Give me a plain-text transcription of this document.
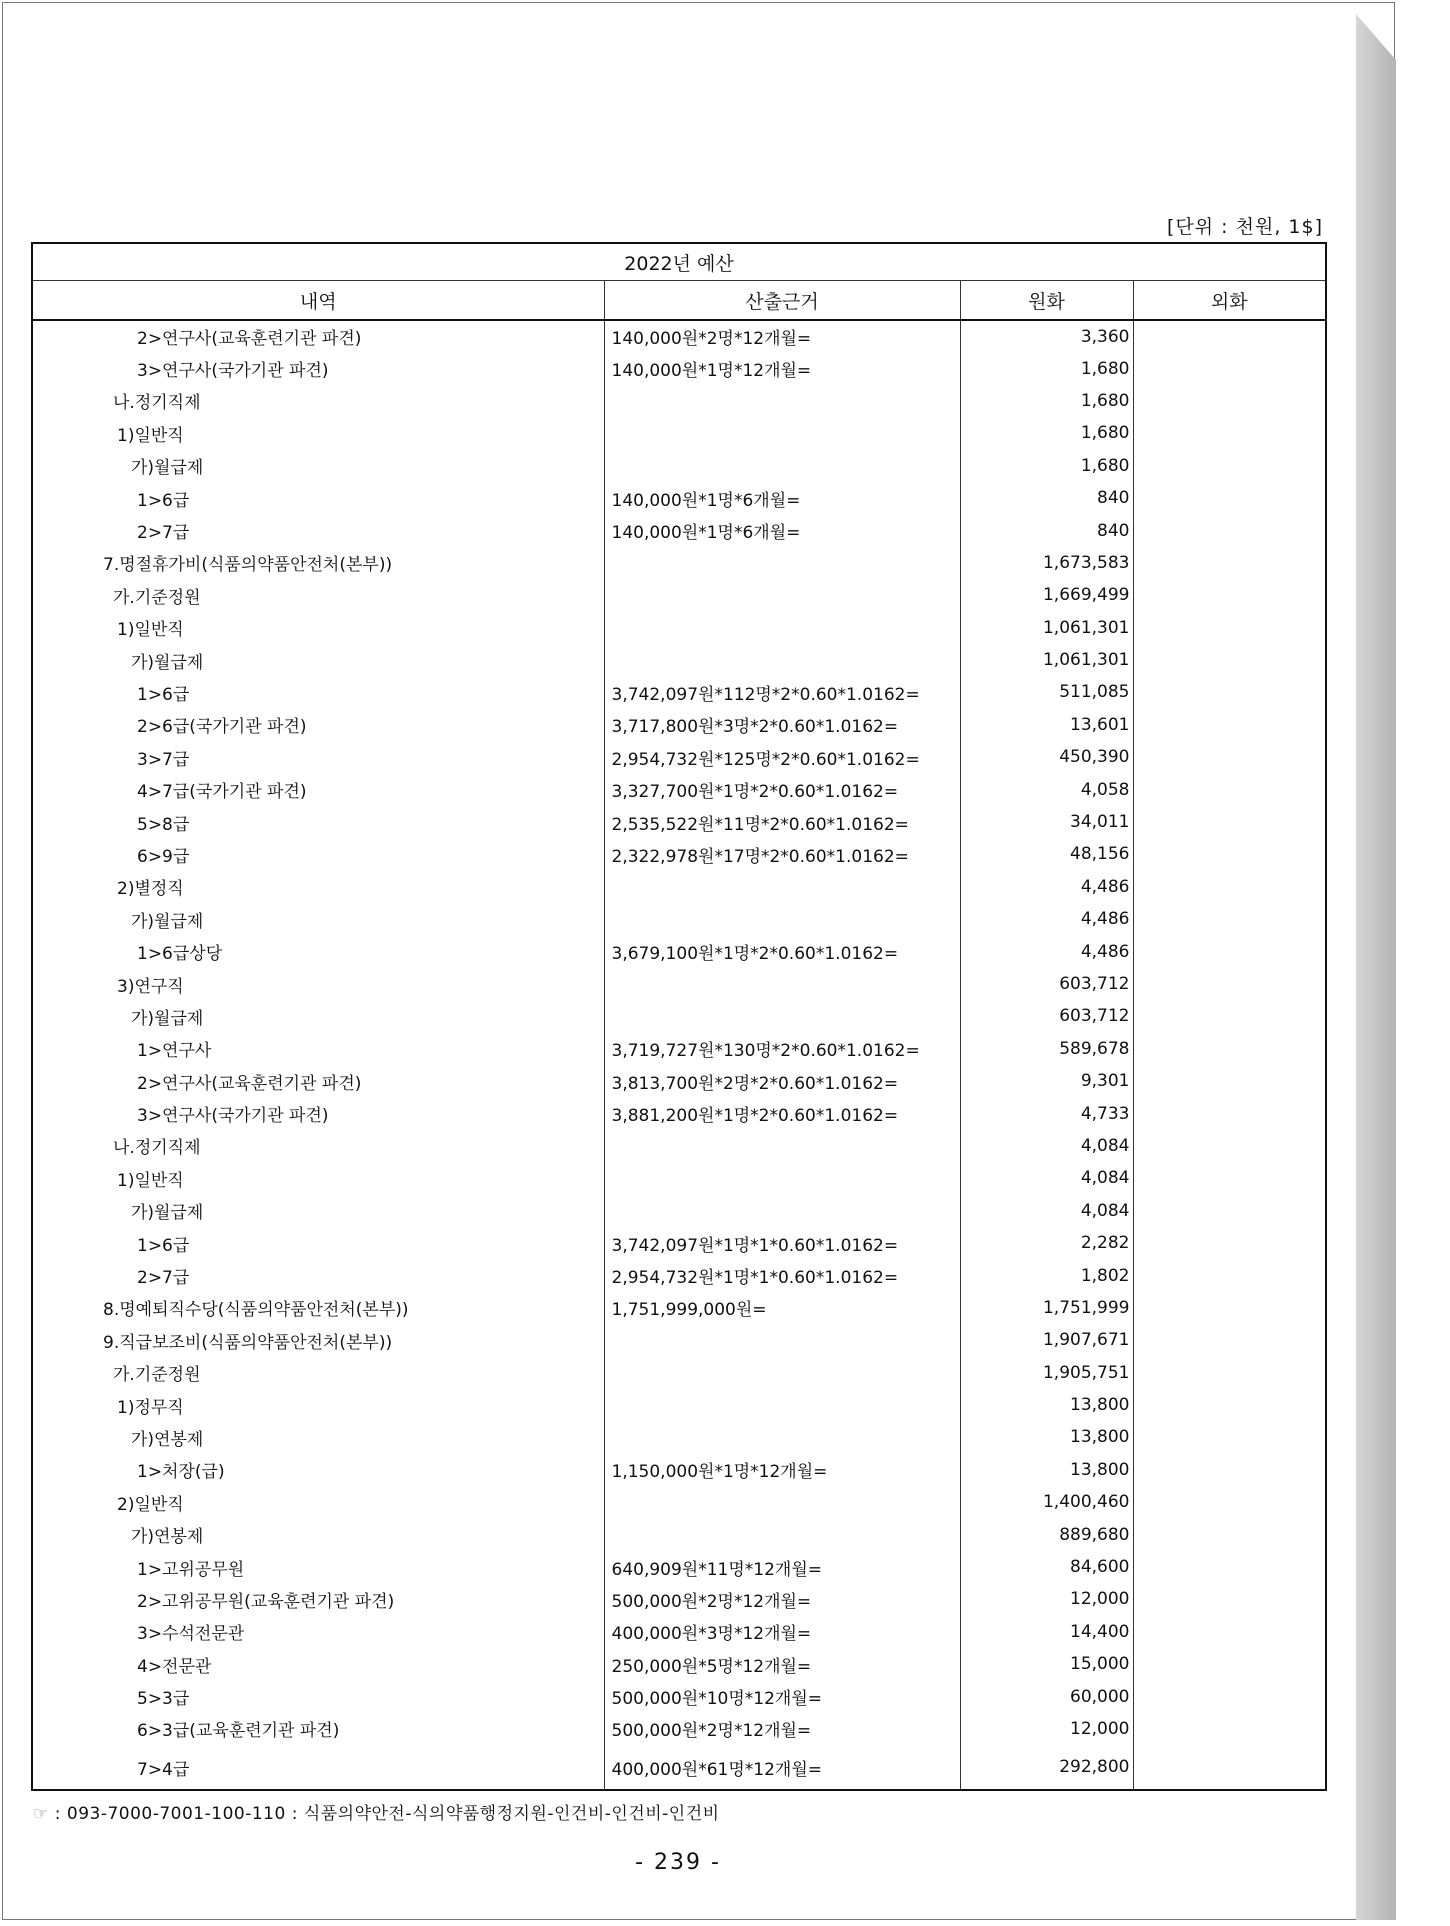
[단위 : 천원, 1$]
2022년 예산			
내역	산출근거	원화	외화
2>연구사(교육훈련기관 파견)	140,000원*2명*12개월=	3,360	
3>연구사(국가기관 파견)	140,000원*1명*12개월=	1,680	
나.정기직제		1,680	
1)일반직		1,680	
가)월급제		1,680	
1>6급	140,000원*1명*6개월=	840	
2>7급	140,000원*1명*6개월=	840	
7.명절휴가비(식품의약품안전처(본부))		1,673,583	
가.기준정원		1,669,499	
1)일반직		1,061,301	
가)월급제		1,061,301	
1>6급	3,742,097원*112명*2*0.60*1.0162=	511,085	
2>6급(국가기관 파견)	3,717,800원*3명*2*0.60*1.0162=	13,601	
3>7급	2,954,732원*125명*2*0.60*1.0162=	450,390	
4>7급(국가기관 파견)	3,327,700원*1명*2*0.60*1.0162=	4,058	
5>8급	2,535,522원*11명*2*0.60*1.0162=	34,011	
6>9급	2,322,978원*17명*2*0.60*1.0162=	48,156	
2)별정직		4,486	
가)월급제		4,486	
1>6급상당	3,679,100원*1명*2*0.60*1.0162=	4,486	
3)연구직		603,712	
가)월급제		603,712	
1>연구사	3,719,727원*130명*2*0.60*1.0162=	589,678	
2>연구사(교육훈련기관 파견)	3,813,700원*2명*2*0.60*1.0162=	9,301	
3>연구사(국가기관 파견)	3,881,200원*1명*2*0.60*1.0162=	4,733	
나.정기직제		4,084	
1)일반직		4,084	
가)월급제		4,084	
1>6급	3,742,097원*1명*1*0.60*1.0162=	2,282	
2>7급	2,954,732원*1명*1*0.60*1.0162=	1,802	
8.명예퇴직수당(식품의약품안전처(본부))	1,751,999,000원=	1,751,999	
9.직급보조비(식품의약품안전처(본부))		1,907,671	
가.기준정원		1,905,751	
1)정무직		13,800	
가)연봉제		13,800	
1>처장(급)	1,150,000원*1명*12개월=	13,800	
2)일반직		1,400,460	
가)연봉제		889,680	
1>고위공무원	640,909원*11명*12개월=	84,600	
2>고위공무원(교육훈련기관 파견)	500,000원*2명*12개월=	12,000	
3>수석전문관	400,000원*3명*12개월=	14,400	
4>전문관	250,000원*5명*12개월=	15,000	
5>3급	500,000원*10명*12개월=	60,000	
6>3급(교육훈련기관 파견)	500,000원*2명*12개월=	12,000	
7>4급	400,000원*61명*12개월=	292,800	
☞ : 093-7000-7001-100-110 : 식품의약안전-식의약품행정지원-인건비-인건비-인건비
- 239 -
